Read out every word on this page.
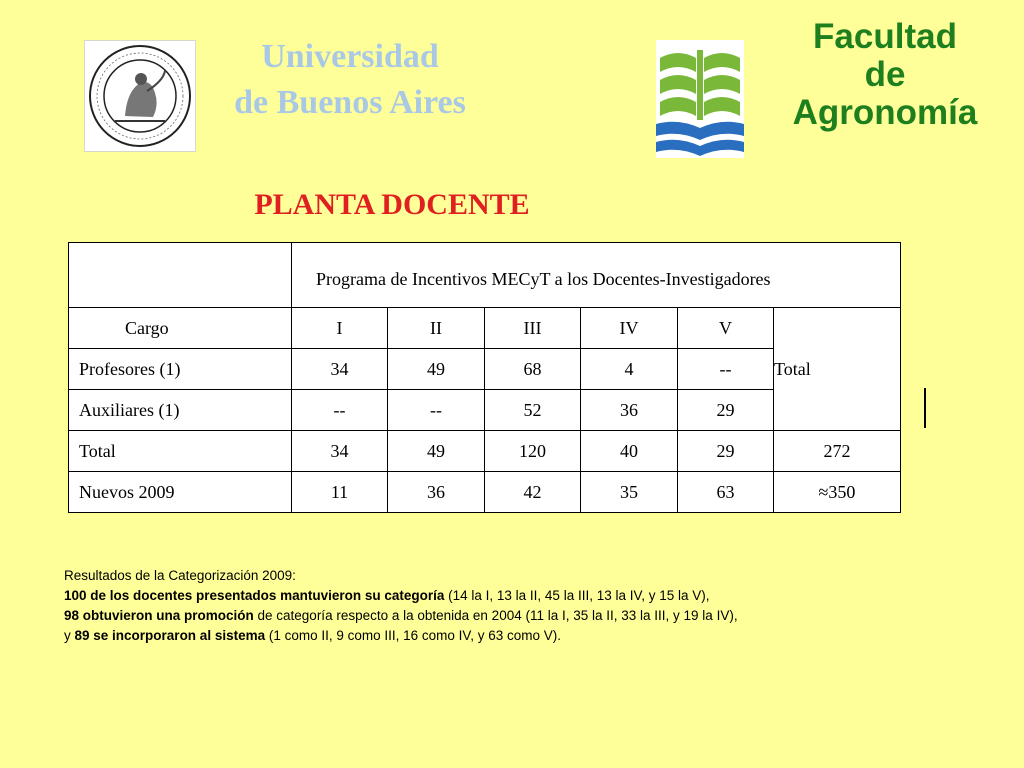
Universidad
de Buenos Aires
Facultad
de
Agronomía
PLANTA DOCENTE

	Programa de Incentivos MECyT a los Docentes-Investigadores					

Cargo	I	II	III	IV	V	Total
Profesores (1)	34	49	68	4	--	
Auxiliares (1)	--	--	52	36	29	
Total	34	49	120	40	29	272
Nuevos 2009	11	36	42	35	63	≈350
Resultados de la Categorización 2009:
100 de los docentes presentados mantuvieron su categoría (14 la I, 13 la II, 45 la III, 13 la IV, y 15 la V),
98 obtuvieron una promoción de categoría respecto a la obtenida en 2004 (11 la I, 35 la II, 33 la III, y 19 la IV),
y 89 se incorporaron al sistema (1 como II, 9 como III, 16 como IV, y 63 como V).
